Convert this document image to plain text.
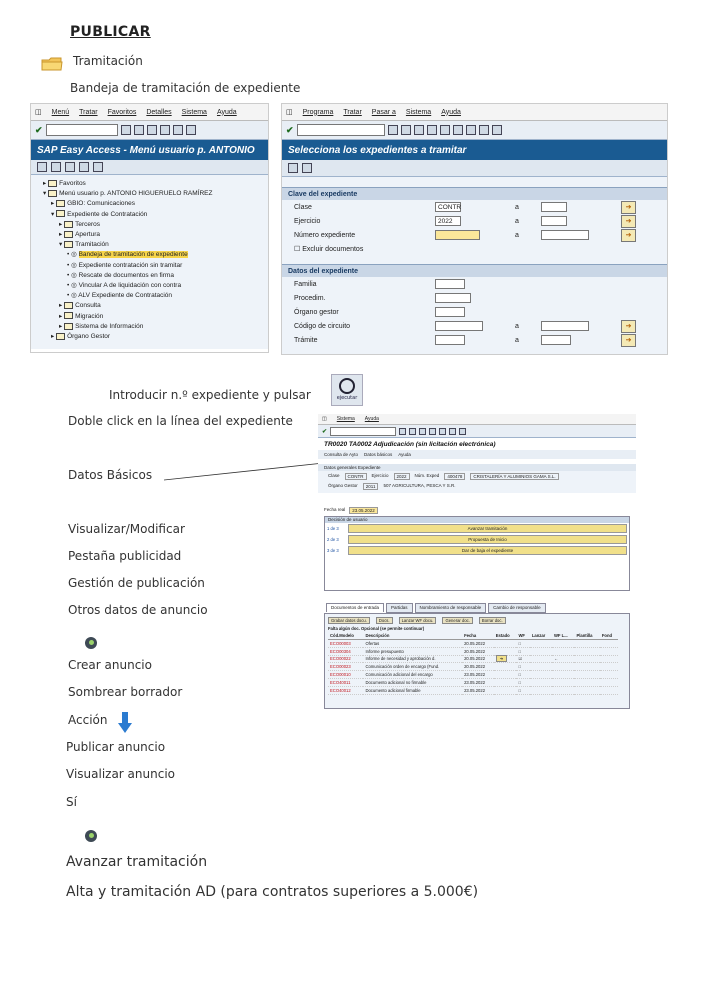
PUBLICAR
Tramitación
Bandeja de tramitación de expediente
◫ Menú Tratar Favoritos Detalles Sistema Ayuda
✔
SAP Easy Access - Menú usuario p. ANTONIO
▸ Favoritos
▾ Menú usuario p. ANTONIO HIGUERUELO RAMÍREZ
▸ GBIO: Comunicaciones
▾ Expediente de Contratación
▸ Terceros
▸ Apertura
▾ Tramitación
• ◎ Bandeja de tramitación de expediente
• ◎ Expediente contratación sin tramitar
• ◎ Rescate de documentos en firma
• ◎ Vincular A de liquidación con contra
• ◎ ALV Expediente de Contratación
▸ Consulta
▸ Migración
▸ Sistema de Información
▸ Órgano Gestor
◫ Programa Tratar Pasar a Sistema Ayuda
✔
Selecciona los expedientes a tramitar
Clave del expediente
Clase	CONTR	a	➔
Ejercicio	2022	a	➔
Número expediente	a	➔
☐ Excluir documentos
Datos del expediente
Familia
Procedim.
Órgano gestor
Código de circuito	a	➔
Trámite	a	➔
Introducir n.º expediente y pulsar	ejecutar
Doble click en la línea del expediente
Datos Básicos
Visualizar/Modificar
Pestaña publicidad
Gestión de publicación
Otros datos de anuncio
Crear anuncio
Sombrear borrador
Acción
Publicar anuncio
Visualizar anuncio
Sí
Avanzar tramitación
Alta y tramitación AD (para contratos superiores a 5.000€)
◫ Sistema Ayuda
✔
TR0020 TA0002 Adjudicación (sin licitación electrónica)
Consulta de Ayto Datos básicos Ayuda
Datos generales Expediente
Clase	CONTR	Ejercicio	2022	Núm. Exped	400478	CRISTALERÍA Y ALUMINIOS GAMA S.L.
Órgano Gestor	2011	507 AGRICULTURA, PESCA Y S.R.
Fecha real	23.05.2022
Decisión de usuario
1 de 3	Avanzar tramitación
2 de 3	Propuesta de Inicio
3 de 3	Dar de baja el expediente
Documentos de entrada	Partidas	Nombramiento de responsable	Cambio de responsable
Grabar datos docu.	Docs.	Lanzar WF docu.	Generar doc.	Borrar doc.
Falta algún doc. Opcional (se permite continuar)
Cód.Modelo	Descripción	Fecha	Estado	WF	Lanzar	WF L...	Plantilla	Fond
ECO00003	Ofertas	20.05.2022		□				
ECO00304	Informe presupuesto	20.05.2022		□				
ECO00022	Informe de necesidad y aprobación d.	20.05.2022	➔	☑		←		
ECO00023	Comunicación orden de encargo (Fund.	20.05.2022		□				
ECO00010	Comunicación adicional del encargo	23.05.2022		□				
ECO40011	Documento adicional no firmable	23.05.2022		□				
ECO40012	Documento adicional firmable	23.05.2022		□				
